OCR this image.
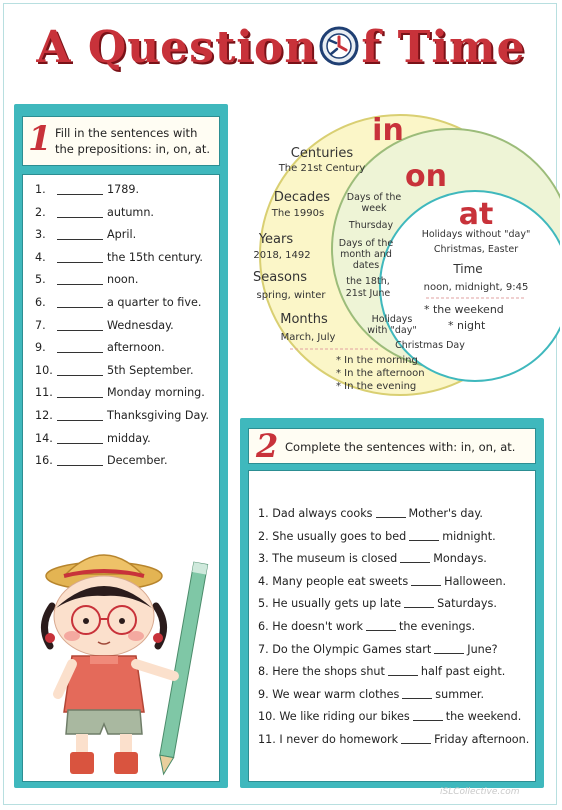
A Question f Time
1 Fill in the sentences with the prepositions: in, on, at.
1.	1789.
2.	autumn.
3.	April.
4.	the 15th century.
5.	noon.
6.	a quarter to five.
7.	Wednesday.
9.	afternoon.
10.	5th September.
11.	Monday morning.
12.	Thanksgiving Day.
14.	midday.
16.	December.
in
on
at
Centuries
The 21st Century
Decades
The 1990s
Years
2018, 1492
Seasons
spring, winter
Months
March, July
* In the morning
* In the afternoon
* In the evening
Days of the week
Thursday
Days of the month and dates
the 18th, 21st June
Holidays with "day"
Christmas Day
Holidays without "day"
Christmas, Easter
Time
noon, midnight, 9:45
* the weekend
* night
2 Complete the sentences with: in, on, at.
1. Dad always cooks	Mother's day.
2. She usually goes to bed	midnight.
3. The museum is closed	Mondays.
4. Many people eat sweets	Halloween.
5. He usually gets up late	Saturdays.
6. He doesn't work	the evenings.
7. Do the Olympic Games start	June?
8. Here the shops shut	half past eight.
9. We wear warm clothes	summer.
10. We like riding our bikes	the weekend.
11. I never do homework	Friday afternoon.
iSLCollective.com
